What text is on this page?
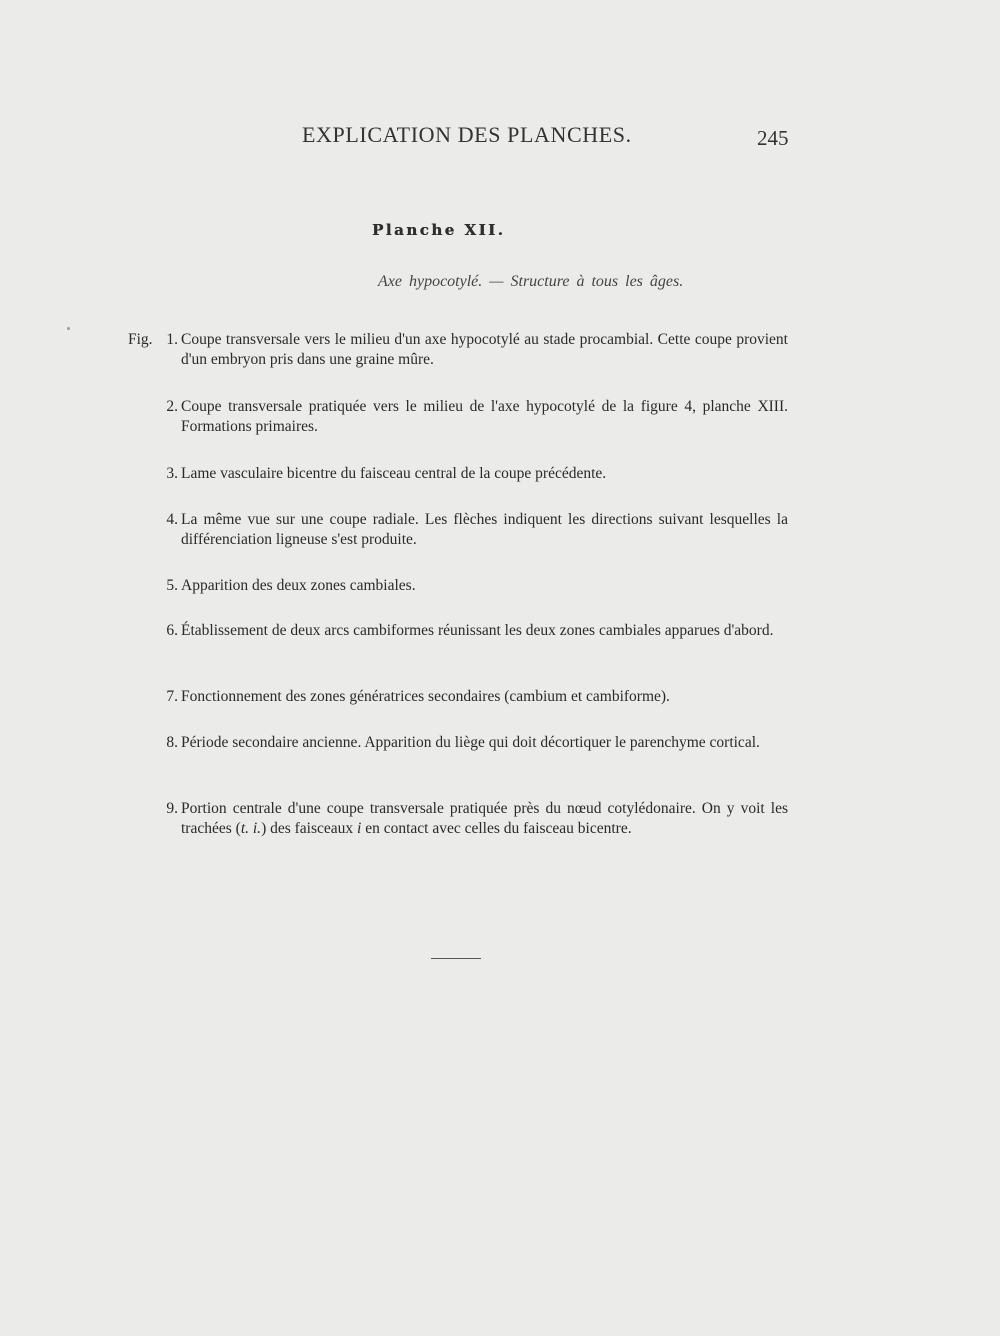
EXPLICATION DES PLANCHES.	245
Planche XII.
Axe hypocotylé. — Structure à tous les âges.
Fig. 1. Coupe transversale vers le milieu d'un axe hypocotylé au stade procambial. Cette coupe provient d'un embryon pris dans une graine mûre.
2. Coupe transversale pratiquée vers le milieu de l'axe hypocotylé de la figure 4, planche XIII. Formations primaires.
3. Lame vasculaire bicentre du faisceau central de la coupe précédente.
4. La même vue sur une coupe radiale. Les flèches indiquent les directions suivant lesquelles la différenciation ligneuse s'est produite.
5. Apparition des deux zones cambiales.
6. Établissement de deux arcs cambiformes réunissant les deux zones cambiales apparues d'abord.
7. Fonctionnement des zones génératrices secondaires (cambium et cambiforme).
8. Période secondaire ancienne. Apparition du liège qui doit décortiquer le parenchyme cortical.
9. Portion centrale d'une coupe transversale pratiquée près du nœud cotylédonaire. On y voit les trachées (t. i.) des faisceaux i en contact avec celles du faisceau bicentre.
